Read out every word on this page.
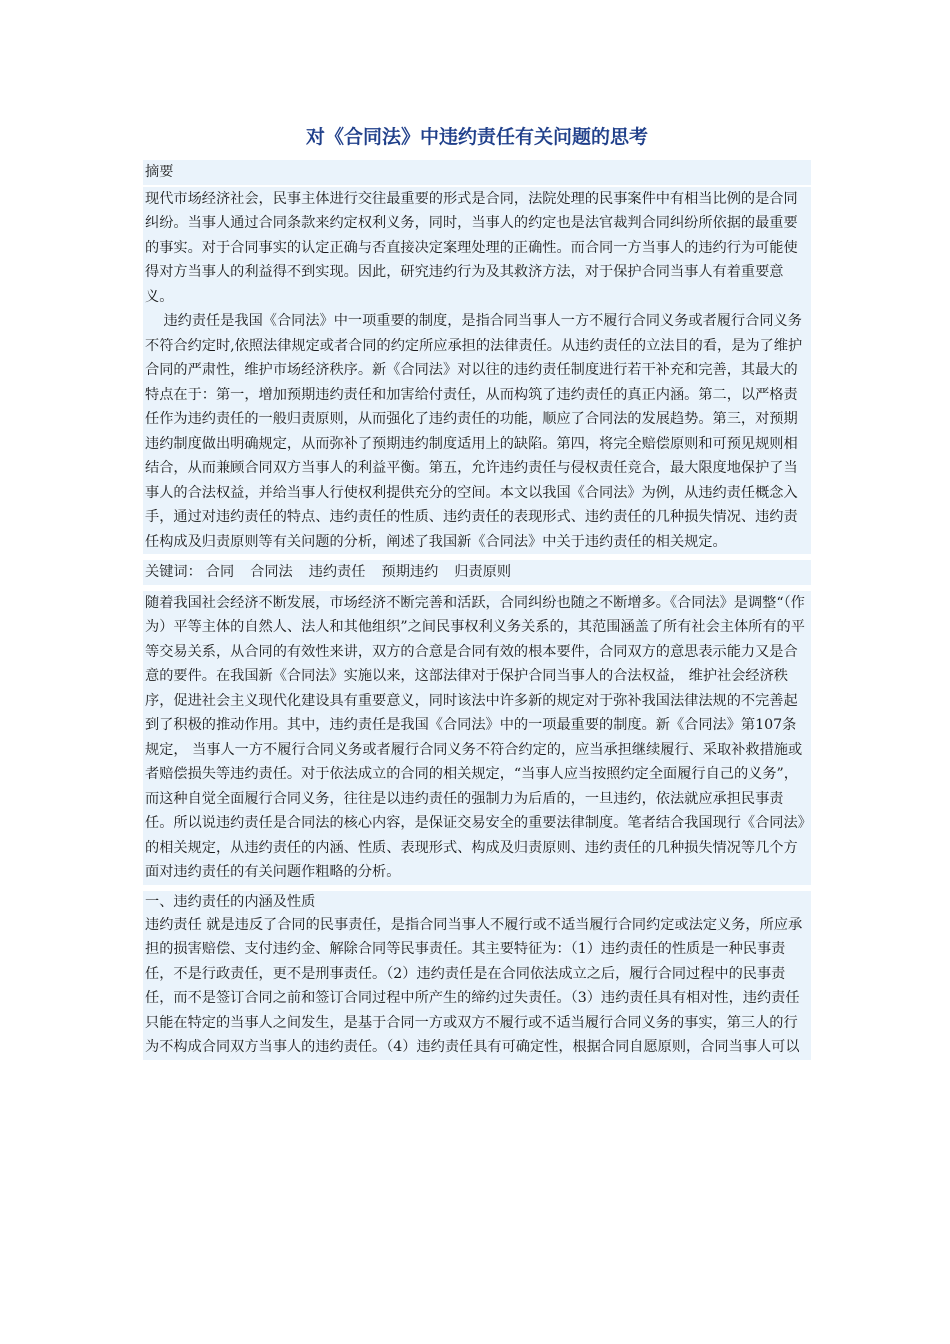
对《合同法》中违约责任有关问题的思考
摘要
现代市场经济社会，民事主体进行交往最重要的形式是合同，法院处理的民事案件中有相当比例的是合同纠纷。当事人通过合同条款来约定权利义务，同时，当事人的约定也是法官裁判合同纠纷所依据的最重要的事实。对于合同事实的认定正确与否直接决定案理处理的正确性。而合同一方当事人的违约行为可能使得对方当事人的利益得不到实现。因此，研究违约行为及其救济方法，对于保护合同当事人有着重要意义。
违约责任是我国《合同法》中一项重要的制度，是指合同当事人一方不履行合同义务或者履行合同义务不符合约定时,依照法律规定或者合同的约定所应承担的法律责任。从违约责任的立法目的看，是为了维护合同的严肃性，维护市场经济秩序。新《合同法》对以往的违约责任制度进行若干补充和完善，其最大的特点在于：第一，增加预期违约责任和加害给付责任，从而构筑了违约责任的真正内涵。第二，以严格责任作为违约责任的一般归责原则，从而强化了违约责任的功能，顺应了合同法的发展趋势。第三，对预期违约制度做出明确规定，从而弥补了预期违约制度适用上的缺陷。第四，将完全赔偿原则和可预见规则相结合，从而兼顾合同双方当事人的利益平衡。第五，允许违约责任与侵权责任竞合，最大限度地保护了当事人的合法权益，并给当事人行使权利提供充分的空间。本文以我国《合同法》为例，从违约责任概念入手，通过对违约责任的特点、违约责任的性质、违约责任的表现形式、违约责任的几种损失情况、违约责任构成及归责原则等有关问题的分析，阐述了我国新《合同法》中关于违约责任的相关规定。
关键词： 合同 合同法 违约责任 预期违约 归责原则
随着我国社会经济不断发展，市场经济不断完善和活跃，合同纠纷也随之不断增多。《合同法》是调整“（作为）平等主体的自然人、法人和其他组织”之间民事权利义务关系的，其范围涵盖了所有社会主体所有的平等交易关系，从合同的有效性来讲，双方的合意是合同有效的根本要件，合同双方的意思表示能力又是合意的要件。在我国新《合同法》实施以来，这部法律对于保护合同当事人的合法权益， 维护社会经济秩序，促进社会主义现代化建设具有重要意义，同时该法中许多新的规定对于弥补我国法律法规的不完善起到了积极的推动作用。其中，违约责任是我国《合同法》中的一项最重要的制度。新《合同法》第107条规定， 当事人一方不履行合同义务或者履行合同义务不符合约定的，应当承担继续履行、采取补救措施或者赔偿损失等违约责任。对于依法成立的合同的相关规定，“当事人应当按照约定全面履行自己的义务”，而这种自觉全面履行合同义务，往往是以违约责任的强制力为后盾的，一旦违约，依法就应承担民事责任。所以说违约责任是合同法的核心内容，是保证交易安全的重要法律制度。笔者结合我国现行《合同法》的相关规定，从违约责任的内涵、性质、表现形式、构成及归责原则、违约责任的几种损失情况等几个方面对违约责任的有关问题作粗略的分析。
一、违约责任的内涵及性质
违约责任 就是违反了合同的民事责任，是指合同当事人不履行或不适当履行合同约定或法定义务，所应承担的损害赔偿、支付违约金、解除合同等民事责任。其主要特征为：（1）违约责任的性质是一种民事责任，不是行政责任，更不是刑事责任。（2）违约责任是在合同依法成立之后，履行合同过程中的民事责任，而不是签订合同之前和签订合同过程中所产生的缔约过失责任。（3）违约责任具有相对性，违约责任只能在特定的当事人之间发生，是基于合同一方或双方不履行或不适当履行合同义务的事实，第三人的行为不构成合同双方当事人的违约责任。（4）违约责任具有可确定性，根据合同自愿原则，合同当事人可以
